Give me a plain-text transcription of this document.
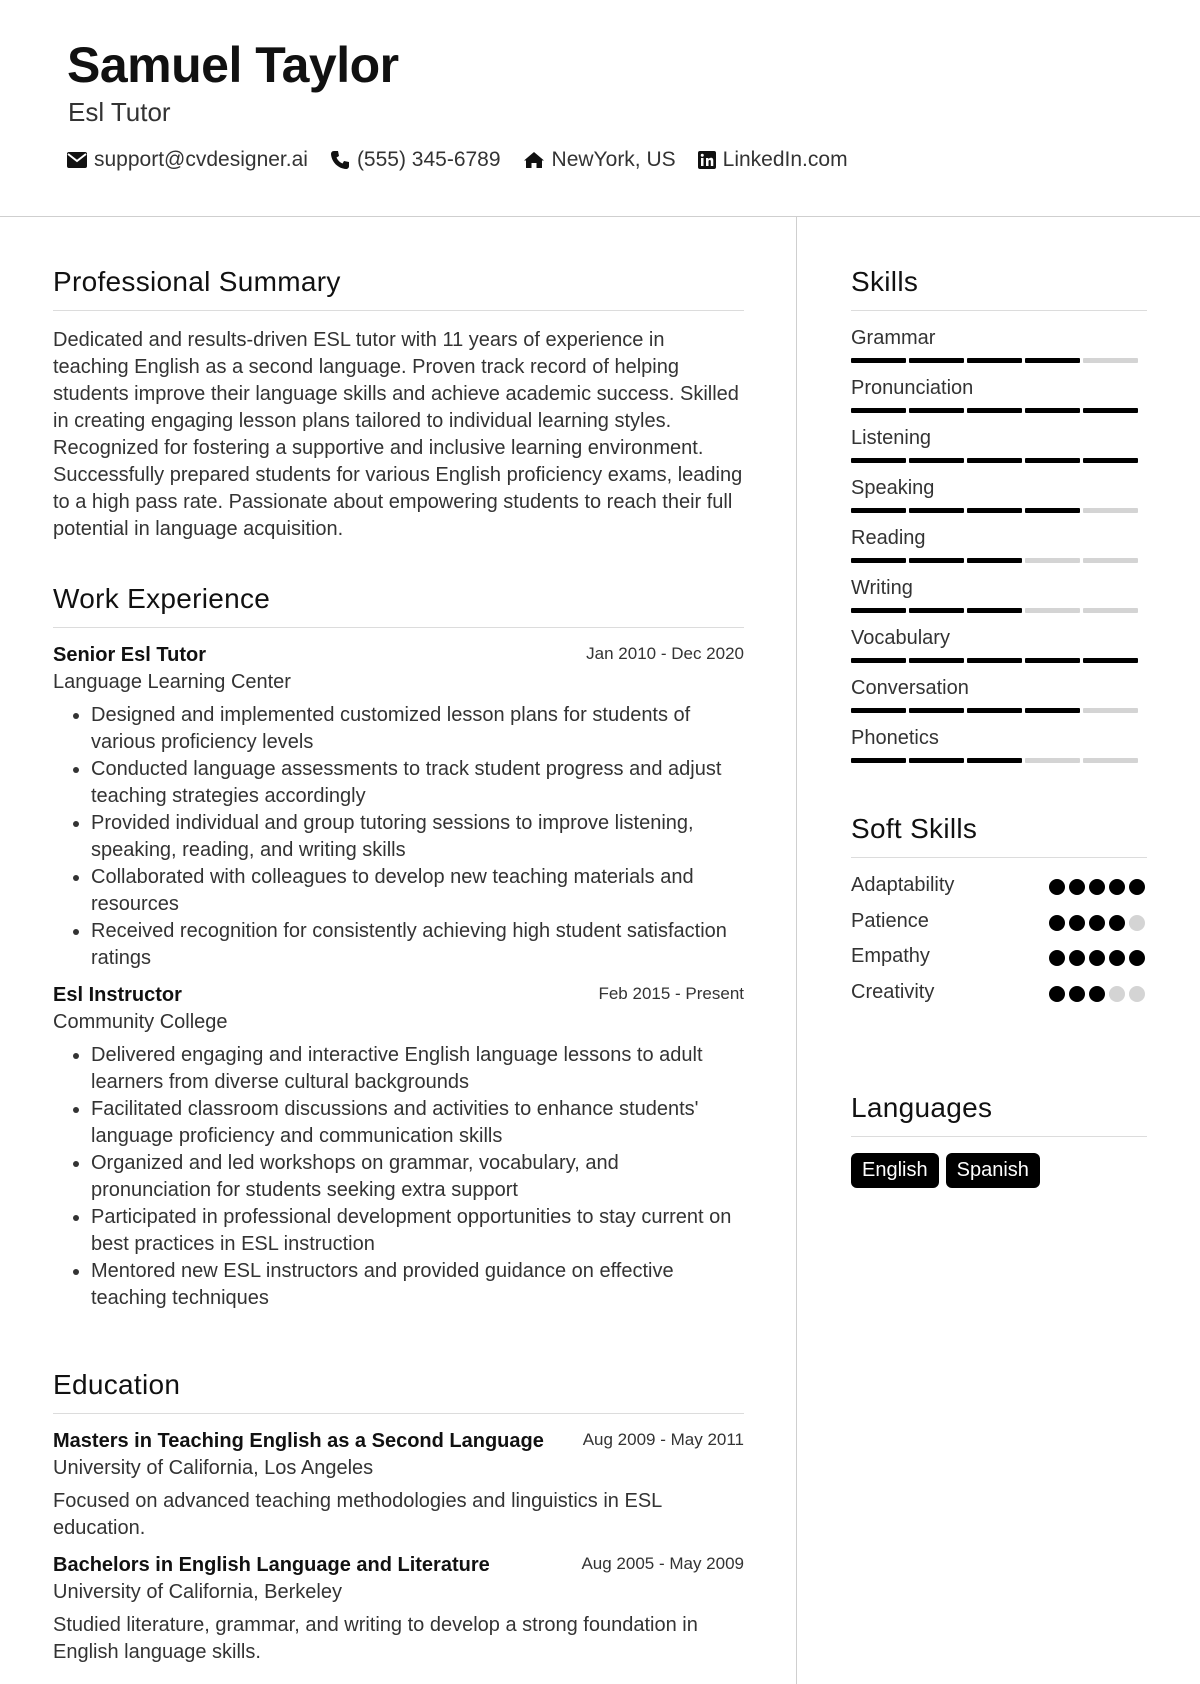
Samuel Taylor
Esl Tutor
support@cvdesigner.ai (555) 345-6789 NewYork, US LinkedIn.com
Professional Summary
Dedicated and results-driven ESL tutor with 11 years of experience in teaching English as a second language. Proven track record of helping students improve their language skills and achieve academic success. Skilled in creating engaging lesson plans tailored to individual learning styles. Recognized for fostering a supportive and inclusive learning environment. Successfully prepared students for various English proficiency exams, leading to a high pass rate. Passionate about empowering students to reach their full potential in language acquisition.
Work Experience
Senior Esl Tutor	Jan 2010 - Dec 2020
Language Learning Center
• Designed and implemented customized lesson plans for students of various proficiency levels
• Conducted language assessments to track student progress and adjust teaching strategies accordingly
• Provided individual and group tutoring sessions to improve listening, speaking, reading, and writing skills
• Collaborated with colleagues to develop new teaching materials and resources
• Received recognition for consistently achieving high student satisfaction ratings
Esl Instructor	Feb 2015 - Present
Community College
• Delivered engaging and interactive English language lessons to adult learners from diverse cultural backgrounds
• Facilitated classroom discussions and activities to enhance students' language proficiency and communication skills
• Organized and led workshops on grammar, vocabulary, and pronunciation for students seeking extra support
• Participated in professional development opportunities to stay current on best practices in ESL instruction
• Mentored new ESL instructors and provided guidance on effective teaching techniques
Education
Masters in Teaching English as a Second Language	Aug 2009 - May 2011
University of California, Los Angeles
Focused on advanced teaching methodologies and linguistics in ESL education.
Bachelors in English Language and Literature	Aug 2005 - May 2009
University of California, Berkeley
Studied literature, grammar, and writing to develop a strong foundation in English language skills.
Skills
Grammar
Pronunciation
Listening
Speaking
Reading
Writing
Vocabulary
Conversation
Phonetics
Soft Skills
Adaptability
Patience
Empathy
Creativity
Languages
English	Spanish
